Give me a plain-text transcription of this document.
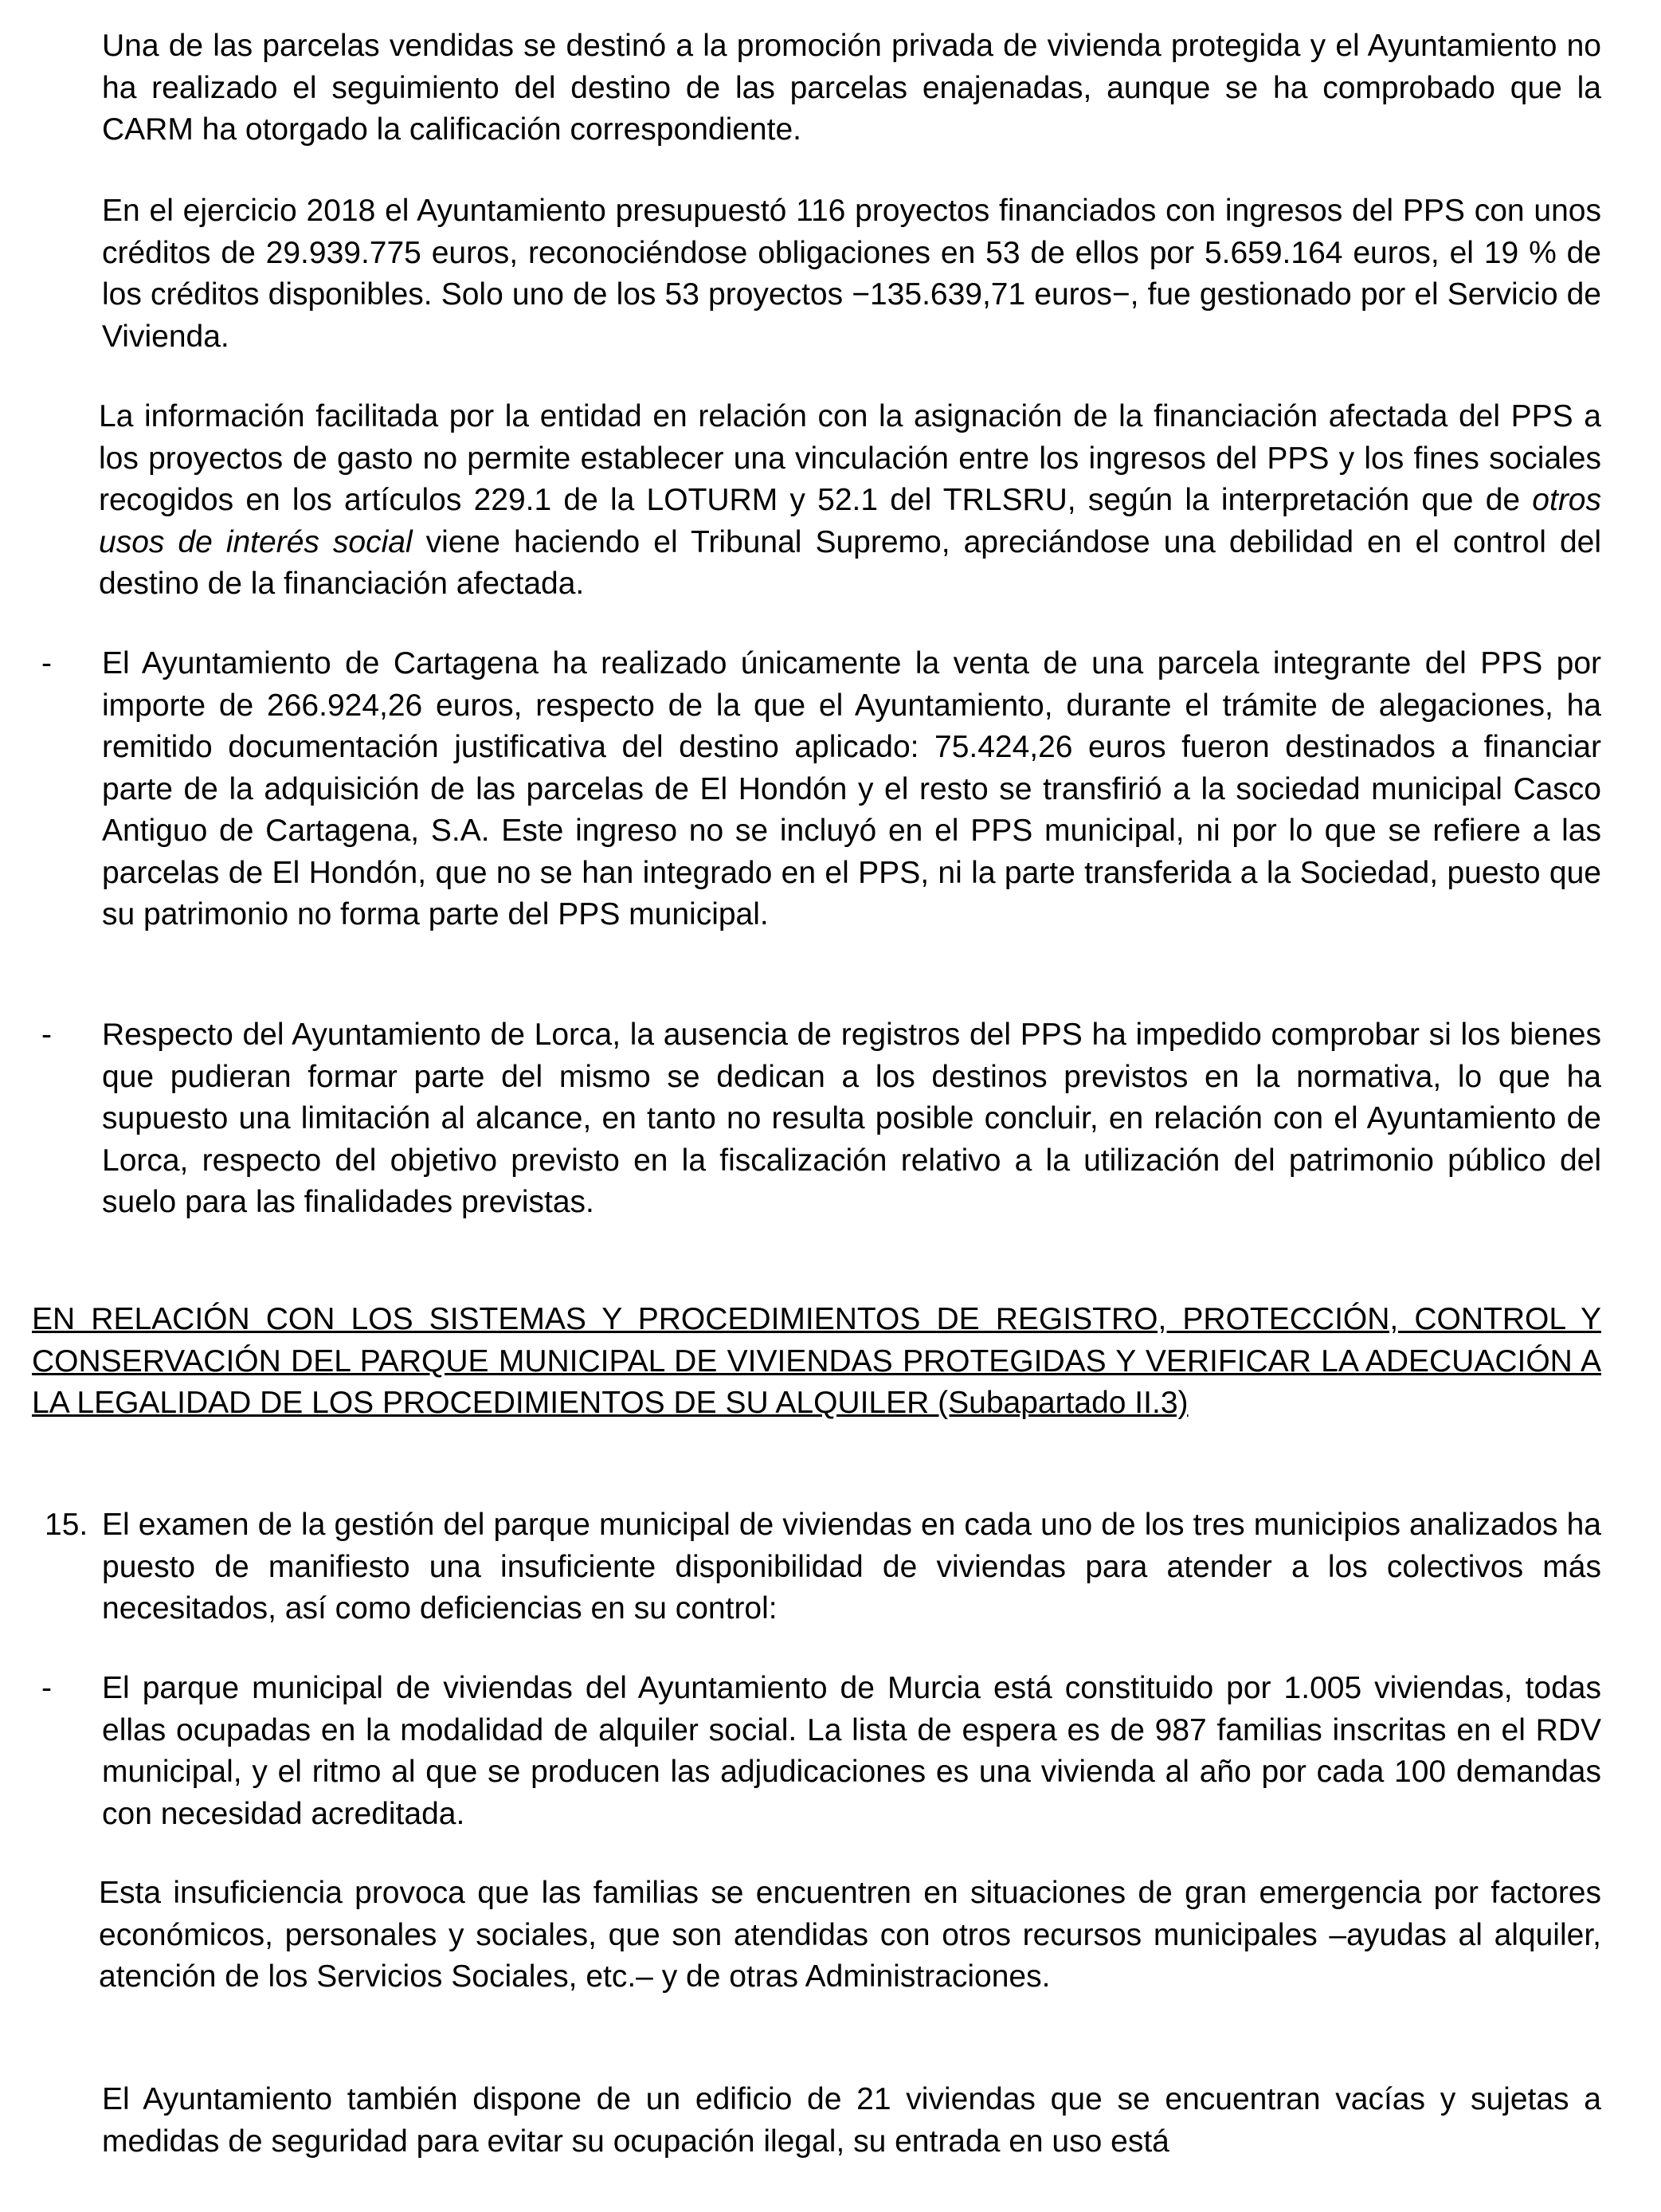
Una de las parcelas vendidas se destinó a la promoción privada de vivienda protegida y el Ayuntamiento no ha realizado el seguimiento del destino de las parcelas enajenadas, aunque se ha comprobado que la CARM ha otorgado la calificación correspondiente.

En el ejercicio 2018 el Ayuntamiento presupuestó 116 proyectos financiados con ingresos del PPS con unos créditos de 29.939.775 euros, reconociéndose obligaciones en 53 de ellos por 5.659.164 euros, el 19 % de los créditos disponibles. Solo uno de los 53 proyectos −135.639,71 euros−, fue gestionado por el Servicio de Vivienda.

La información facilitada por la entidad en relación con la asignación de la financiación afectada del PPS a los proyectos de gasto no permite establecer una vinculación entre los ingresos del PPS y los fines sociales recogidos en los artículos 229.1 de la LOTURM y 52.1 del TRLSRU, según la interpretación que de otros usos de interés social viene haciendo el Tribunal Supremo, apreciándose una debilidad en el control del destino de la financiación afectada.

- El Ayuntamiento de Cartagena ha realizado únicamente la venta de una parcela integrante del PPS por importe de 266.924,26 euros, respecto de la que el Ayuntamiento, durante el trámite de alegaciones, ha remitido documentación justificativa del destino aplicado: 75.424,26 euros fueron destinados a financiar parte de la adquisición de las parcelas de El Hondón y el resto se transfirió a la sociedad municipal Casco Antiguo de Cartagena, S.A. Este ingreso no se incluyó en el PPS municipal, ni por lo que se refiere a las parcelas de El Hondón, que no se han integrado en el PPS, ni la parte transferida a la Sociedad, puesto que su patrimonio no forma parte del PPS municipal.

- Respecto del Ayuntamiento de Lorca, la ausencia de registros del PPS ha impedido comprobar si los bienes que pudieran formar parte del mismo se dedican a los destinos previstos en la normativa, lo que ha supuesto una limitación al alcance, en tanto no resulta posible concluir, en relación con el Ayuntamiento de Lorca, respecto del objetivo previsto en la fiscalización relativo a la utilización del patrimonio público del suelo para las finalidades previstas.

EN RELACIÓN CON LOS SISTEMAS Y PROCEDIMIENTOS DE REGISTRO, PROTECCIÓN, CONTROL Y CONSERVACIÓN DEL PARQUE MUNICIPAL DE VIVIENDAS PROTEGIDAS Y VERIFICAR LA ADECUACIÓN A LA LEGALIDAD DE LOS PROCEDIMIENTOS DE SU ALQUILER (Subapartado II.3)

15. El examen de la gestión del parque municipal de viviendas en cada uno de los tres municipios analizados ha puesto de manifiesto una insuficiente disponibilidad de viviendas para atender a los colectivos más necesitados, así como deficiencias en su control:

- El parque municipal de viviendas del Ayuntamiento de Murcia está constituido por 1.005 viviendas, todas ellas ocupadas en la modalidad de alquiler social. La lista de espera es de 987 familias inscritas en el RDV municipal, y el ritmo al que se producen las adjudicaciones es una vivienda al año por cada 100 demandas con necesidad acreditada.

Esta insuficiencia provoca que las familias se encuentren en situaciones de gran emergencia por factores económicos, personales y sociales, que son atendidas con otros recursos municipales –ayudas al alquiler, atención de los Servicios Sociales, etc.– y de otras Administraciones.

El Ayuntamiento también dispone de un edificio de 21 viviendas que se encuentran vacías y sujetas a medidas de seguridad para evitar su ocupación ilegal, su entrada en uso está
